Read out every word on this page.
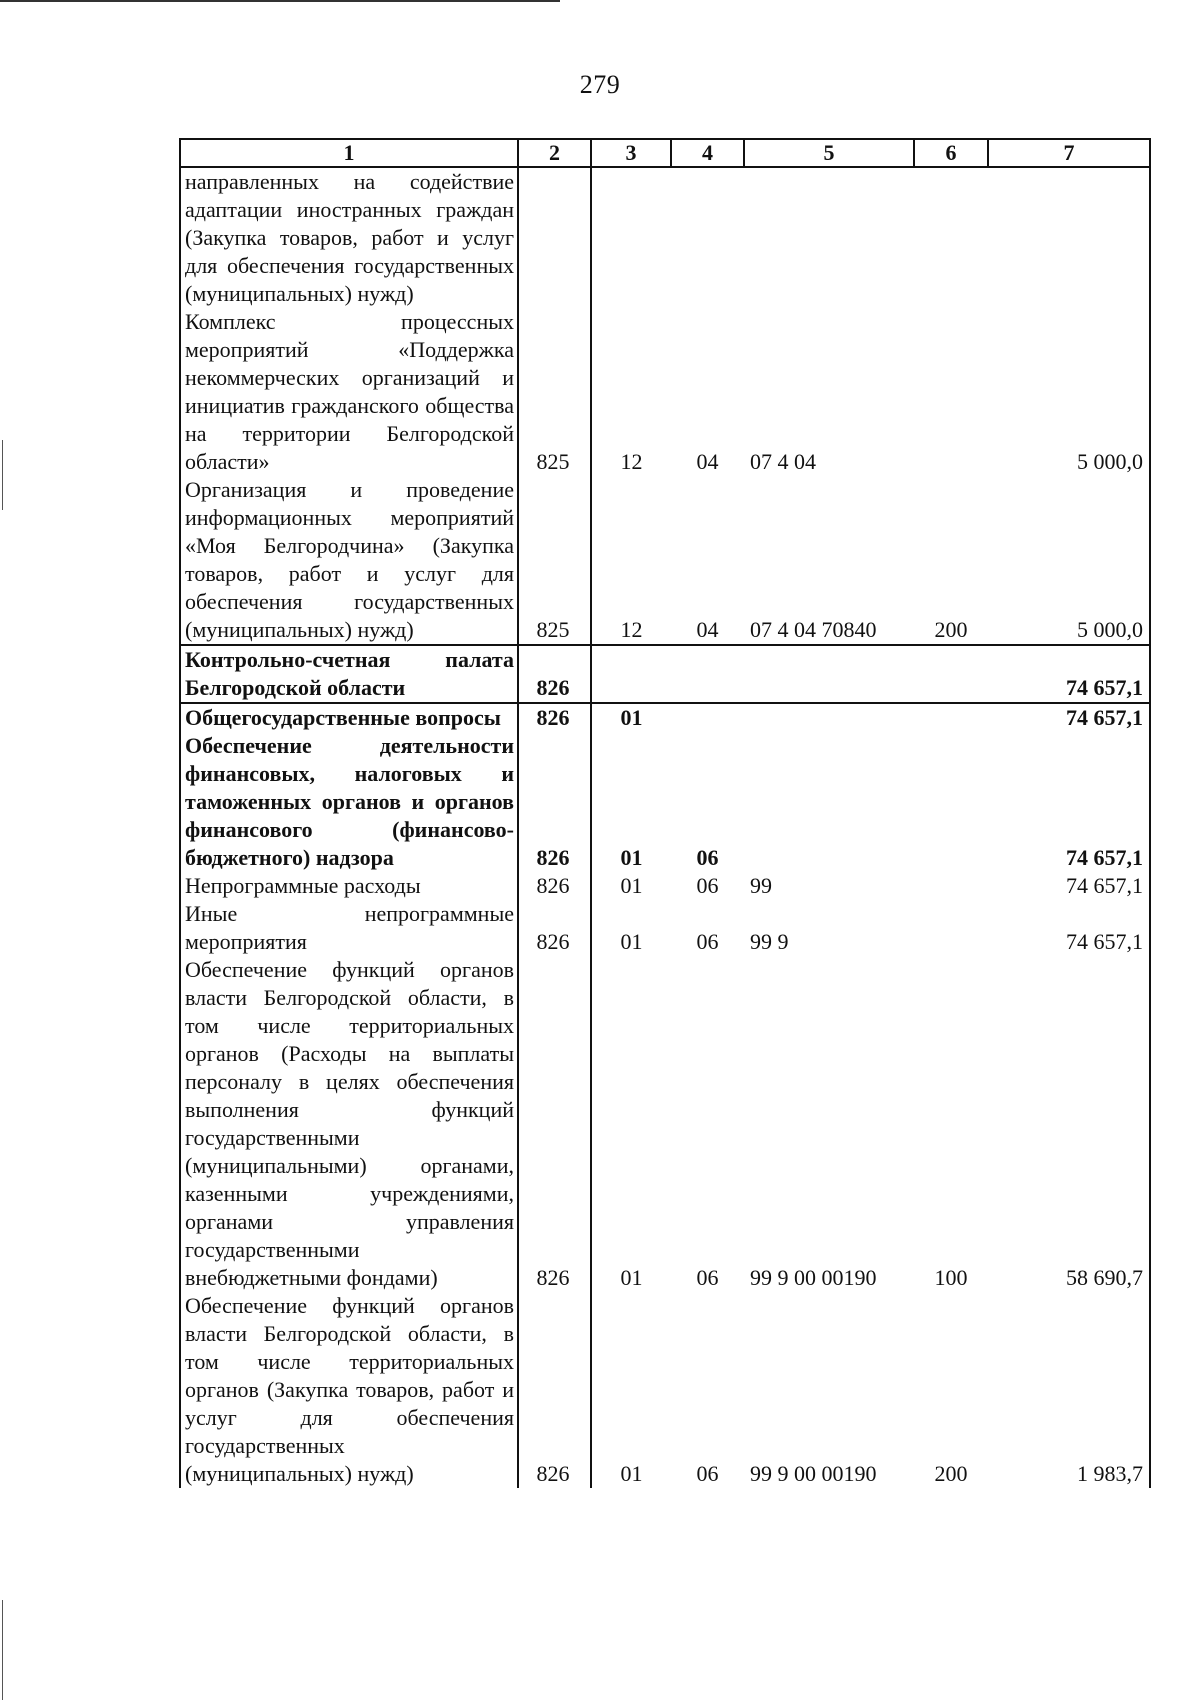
279
1	2	3	4	5	6	7
направленных на содействие адаптации иностранных граждан (Закупка товаров, работ и услуг для обеспечения государственных (муниципальных) нужд)						
Комплекс процессных мероприятий «Поддержка некоммерческих организаций и инициатив гражданского общества на территории Белгородской области»	825	12	04	07 4 04		5 000,0
Организация и проведение информационных мероприятий «Моя Белгородчина» (Закупка товаров, работ и услуг для обеспечения государственных (муниципальных) нужд)	825	12	04	07 4 04 70840	200	5 000,0
Контрольно-счетная палата Белгородской области	826					74 657,1
Общегосударственные вопросы	826	01				74 657,1
Обеспечение деятельности финансовых, налоговых и таможенных органов и органов финансового (финансово-бюджетного) надзора	826	01	06			74 657,1
Непрограммные расходы	826	01	06	99		74 657,1
Иные непрограммные мероприятия	826	01	06	99 9		74 657,1
Обеспечение функций органов власти Белгородской области, в том числе территориальных органов (Расходы на выплаты персоналу в целях обеспечения выполнения функций государственными (муниципальными) органами, казенными учреждениями, органами управления государственными внебюджетными фондами)	826	01	06	99 9 00 00190	100	58 690,7
Обеспечение функций органов власти Белгородской области, в том числе территориальных органов (Закупка товаров, работ и услуг для обеспечения государственных (муниципальных) нужд)	826	01	06	99 9 00 00190	200	1 983,7
